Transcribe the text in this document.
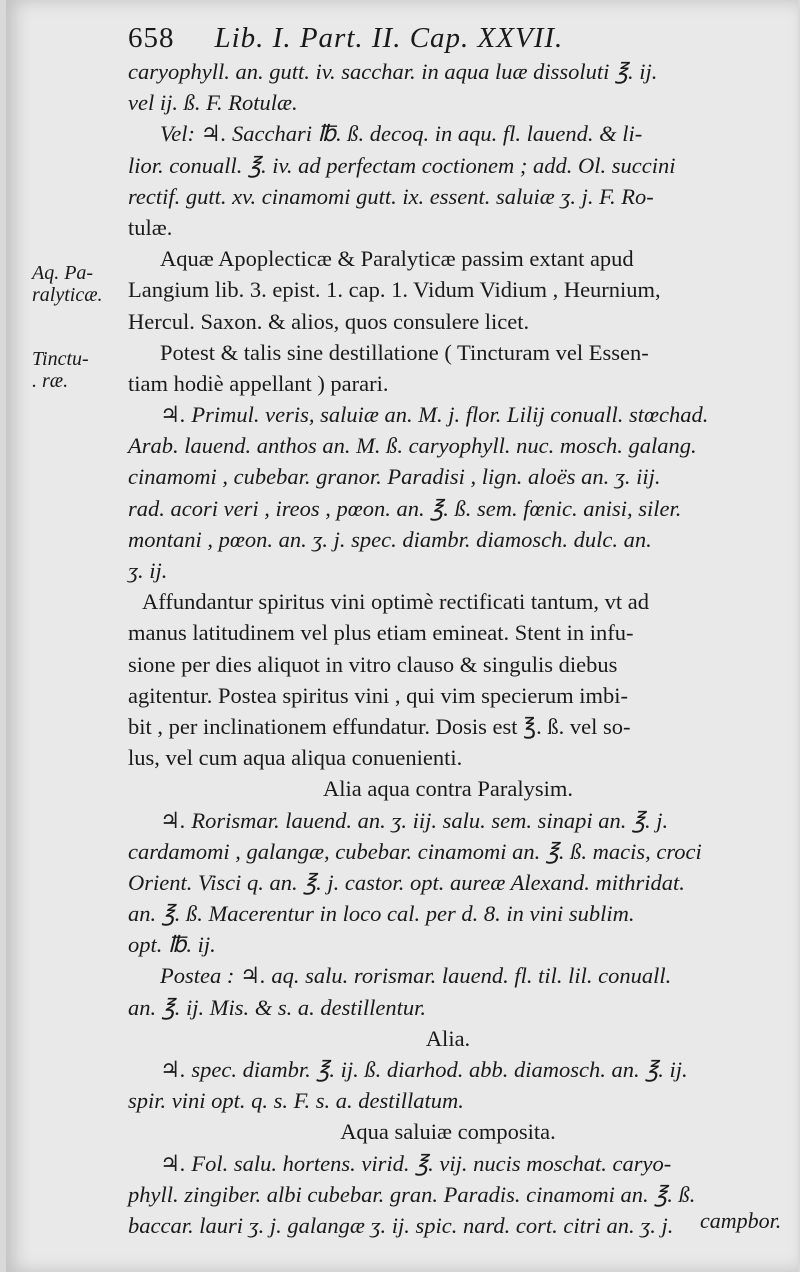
658 Lib. I. Part. II. Cap. XXVII.
Aq. Pa-
ralyticæ.
Tinctu-
. ræ.
caryophyll. an. gutt. iv. sacchar. in aqua luæ dissoluti ℥. ij.
vel ij. ß. F. Rotulæ.
Vel: ♃. Sacchari ℔. ß. decoq. in aqu. fl. lauend. & li-
lior. conuall. ℥. iv. ad perfectam coctionem ; add. Ol. succini
rectif. gutt. xv. cinamomi gutt. ix. essent. saluiæ ʒ. j. F. Ro-
tulæ.
Aquæ Apoplecticæ & Paralyticæ passim extant apud
Langium lib. 3. epist. 1. cap. 1. Vidum Vidium , Heurnium,
Hercul. Saxon. & alios, quos consulere licet.
Potest & talis sine destillatione ( Tincturam vel Essen-
tiam hodiè appellant ) parari.
♃. Primul. veris, saluiæ an. M. j. flor. Lilij conuall. stœchad.
Arab. lauend. anthos an. M. ß. caryophyll. nuc. mosch. galang.
cinamomi , cubebar. granor. Paradisi , lign. aloës an. ʒ. iij.
rad. acori veri , ireos , pœon. an. ℥. ß. sem. fœnic. anisi, siler.
montani , pœon. an. ʒ. j. spec. diambr. diamosch. dulc. an.
ʒ. ij.
Affundantur spiritus vini optimè rectificati tantum, vt ad
manus latitudinem vel plus etiam emineat. Stent in infu-
sione per dies aliquot in vitro clauso & singulis diebus
agitentur. Postea spiritus vini , qui vim specierum imbi-
bit , per inclinationem effundatur. Dosis est ℥. ß. vel so-
lus, vel cum aqua aliqua conuenienti.
Alia aqua contra Paralysim.
♃. Rorismar. lauend. an. ʒ. iij. salu. sem. sinapi an. ℥. j.
cardamomi , galangæ, cubebar. cinamomi an. ℥. ß. macis, croci
Orient. Visci q. an. ℥. j. castor. opt. aureæ Alexand. mithridat.
an. ℥. ß. Macerentur in loco cal. per d. 8. in vini sublim.
opt. ℔. ij.
Postea : ♃. aq. salu. rorismar. lauend. fl. til. lil. conuall.
an. ℥. ij. Mis. & s. a. destillentur.
Alia.
♃. spec. diambr. ℥. ij. ß. diarhod. abb. diamosch. an. ℥. ij.
spir. vini opt. q. s. F. s. a. destillatum.
Aqua saluiæ composita.
♃. Fol. salu. hortens. virid. ℥. vij. nucis moschat. caryo-
phyll. zingiber. albi cubebar. gran. Paradis. cinamomi an. ℥. ß.
baccar. lauri ʒ. j. galangæ ʒ. ij. spic. nard. cort. citri an. ʒ. j.	campbor.
